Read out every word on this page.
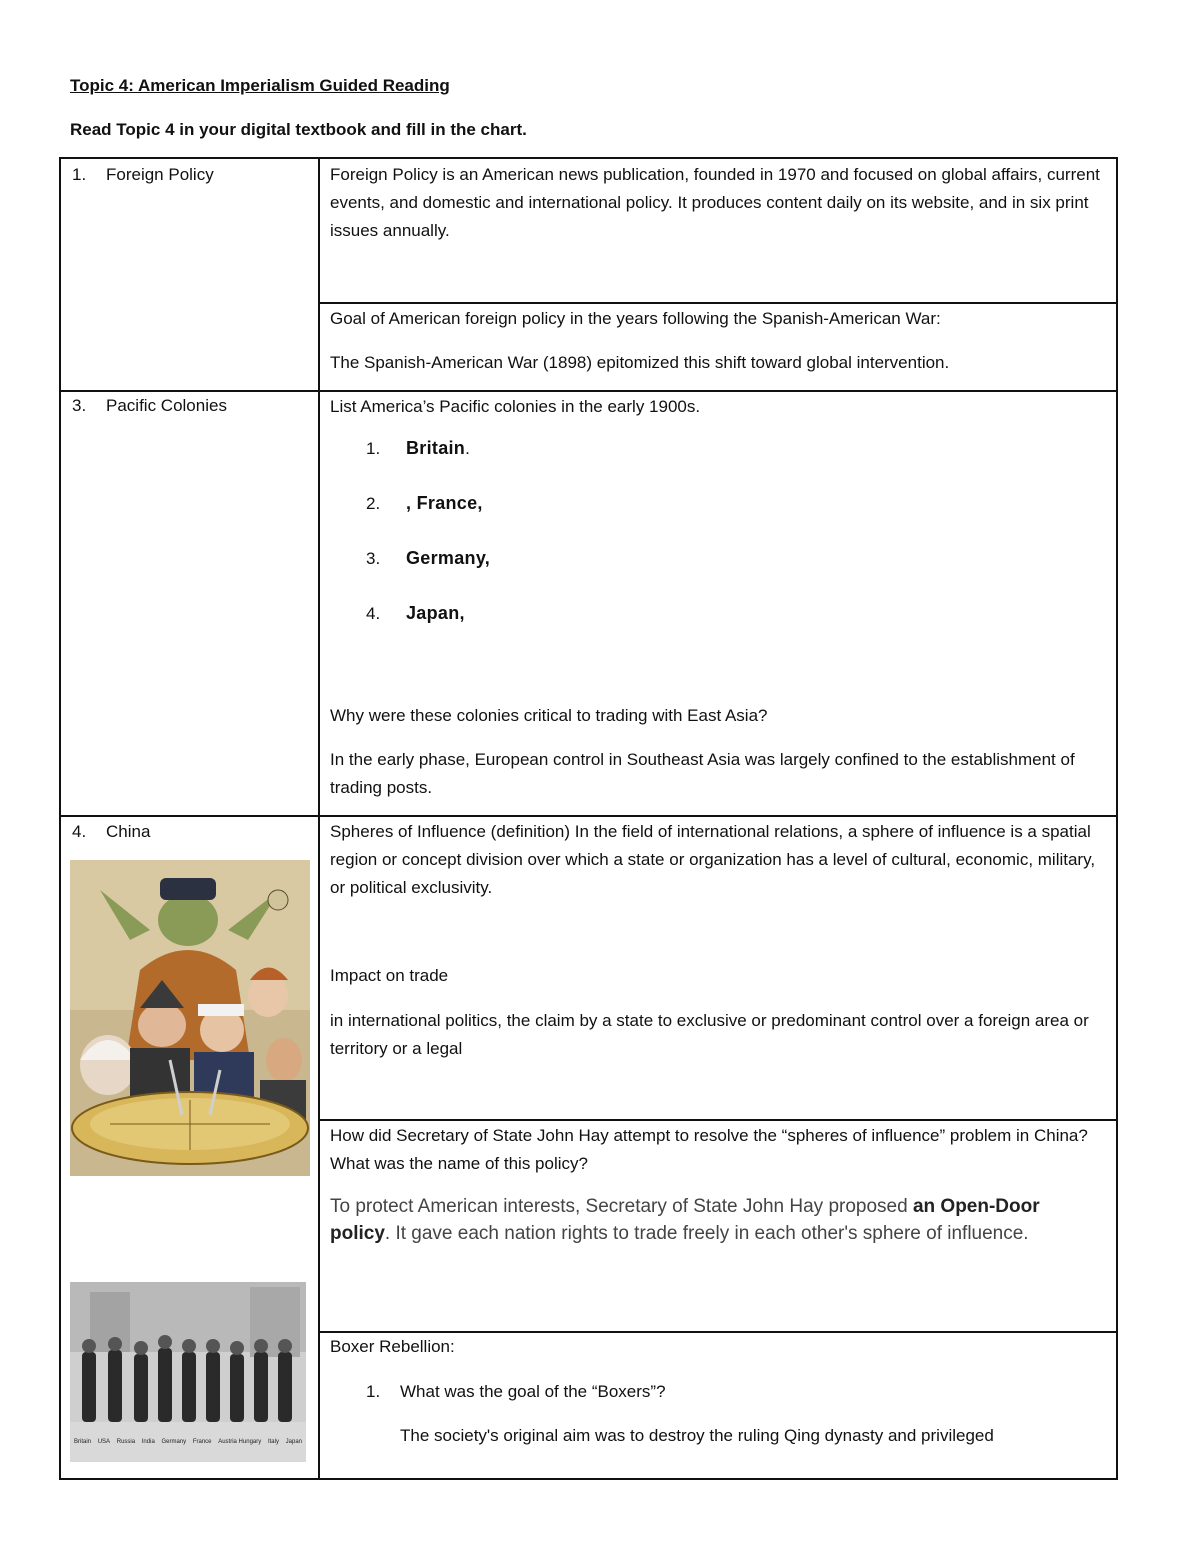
Topic 4: American Imperialism Guided Reading
Read Topic 4 in your digital textbook and fill in the chart.
1. Foreign Policy	Foreign Policy is an American news publication, founded in 1970 and focused on global affairs, current events, and domestic and international policy. It produces content daily on its website, and in six print issues annually.

Goal of American foreign policy in the years following the Spanish-American War:

The Spanish-American War (1898) epitomized this shift toward global intervention.

3. Pacific Colonies	List America’s Pacific colonies in the early 1900s.

1. Britain.
2. , France,
3. Germany,
4. Japan,

Why were these colonies critical to trading with East Asia?

In the early phase, European control in Southeast Asia was largely confined to the establishment of trading posts.

4. China	Spheres of Influence (definition) In the field of international relations, a sphere of influence is a spatial region or concept division over which a state or organization has a level of cultural, economic, military, or political exclusivity.

Impact on trade

in international politics, the claim by a state to exclusive or predominant control over a foreign area or territory or a legal

How did Secretary of State John Hay attempt to resolve the “spheres of influence” problem in China? What was the name of this policy?

To protect American interests, Secretary of State John Hay proposed an Open-Door policy. It gave each nation rights to trade freely in each other's sphere of influence.
Britain USA Russia India Germany France Austria Hungary Italy Japan

Boxer Rebellion:

1. What was the goal of the “Boxers”?

The society's original aim was to destroy the ruling Qing dynasty and privileged
